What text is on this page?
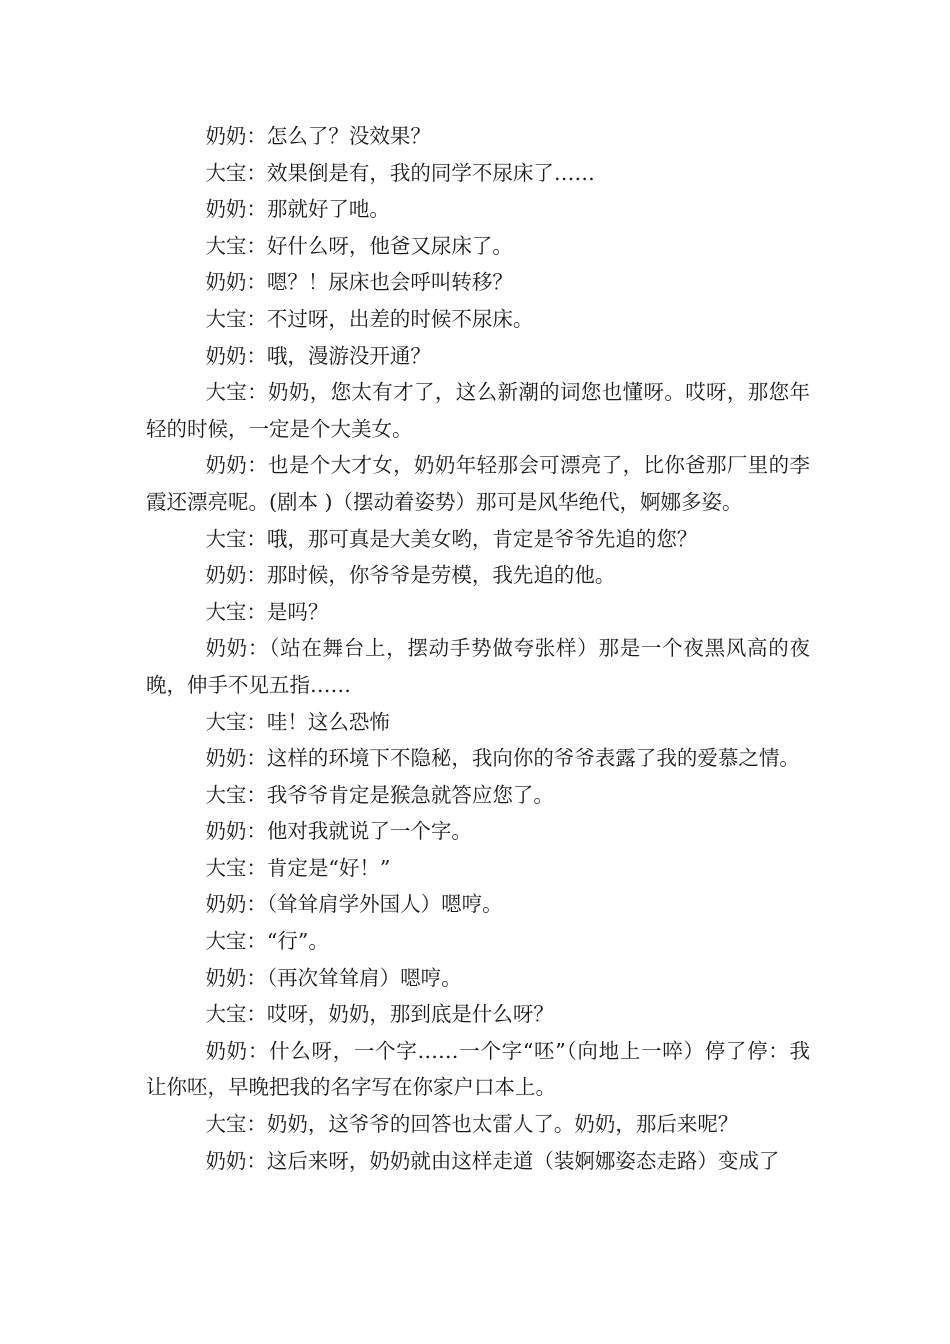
奶奶：怎么了？没效果？

大宝：效果倒是有，我的同学不尿床了……

奶奶：那就好了吔。

大宝：好什么呀，他爸又尿床了。

奶奶：嗯？！尿床也会呼叫转移？

大宝：不过呀，出差的时候不尿床。

奶奶：哦，漫游没开通？

大宝：奶奶，您太有才了，这么新潮的词您也懂呀。哎呀，那您年轻的时候，一定是个大美女。

奶奶：也是个大才女，奶奶年轻那会可漂亮了，比你爸那厂里的李霞还漂亮呢。(剧本 )（摆动着姿势）那可是风华绝代，婀娜多姿。

大宝：哦，那可真是大美女哟，肯定是爷爷先追的您？

奶奶：那时候，你爷爷是劳模，我先追的他。

大宝：是吗？

奶奶：（站在舞台上，摆动手势做夸张样）那是一个夜黑风高的夜晚，伸手不见五指……

大宝：哇！这么恐怖

奶奶：这样的环境下不隐秘，我向你的爷爷表露了我的爱慕之情。

大宝：我爷爷肯定是猴急就答应您了。

奶奶：他对我就说了一个字。

大宝：肯定是“好！”

奶奶：（耸耸肩学外国人）嗯哼。

大宝：“行”。

奶奶：（再次耸耸肩）嗯哼。

大宝：哎呀，奶奶，那到底是什么呀？

奶奶：什么呀，一个字……一个字“呸”（向地上一啐）停了停：我让你呸，早晚把我的名字写在你家户口本上。

大宝：奶奶，这爷爷的回答也太雷人了。奶奶，那后来呢？

奶奶：这后来呀，奶奶就由这样走道（装婀娜姿态走路）变成了
